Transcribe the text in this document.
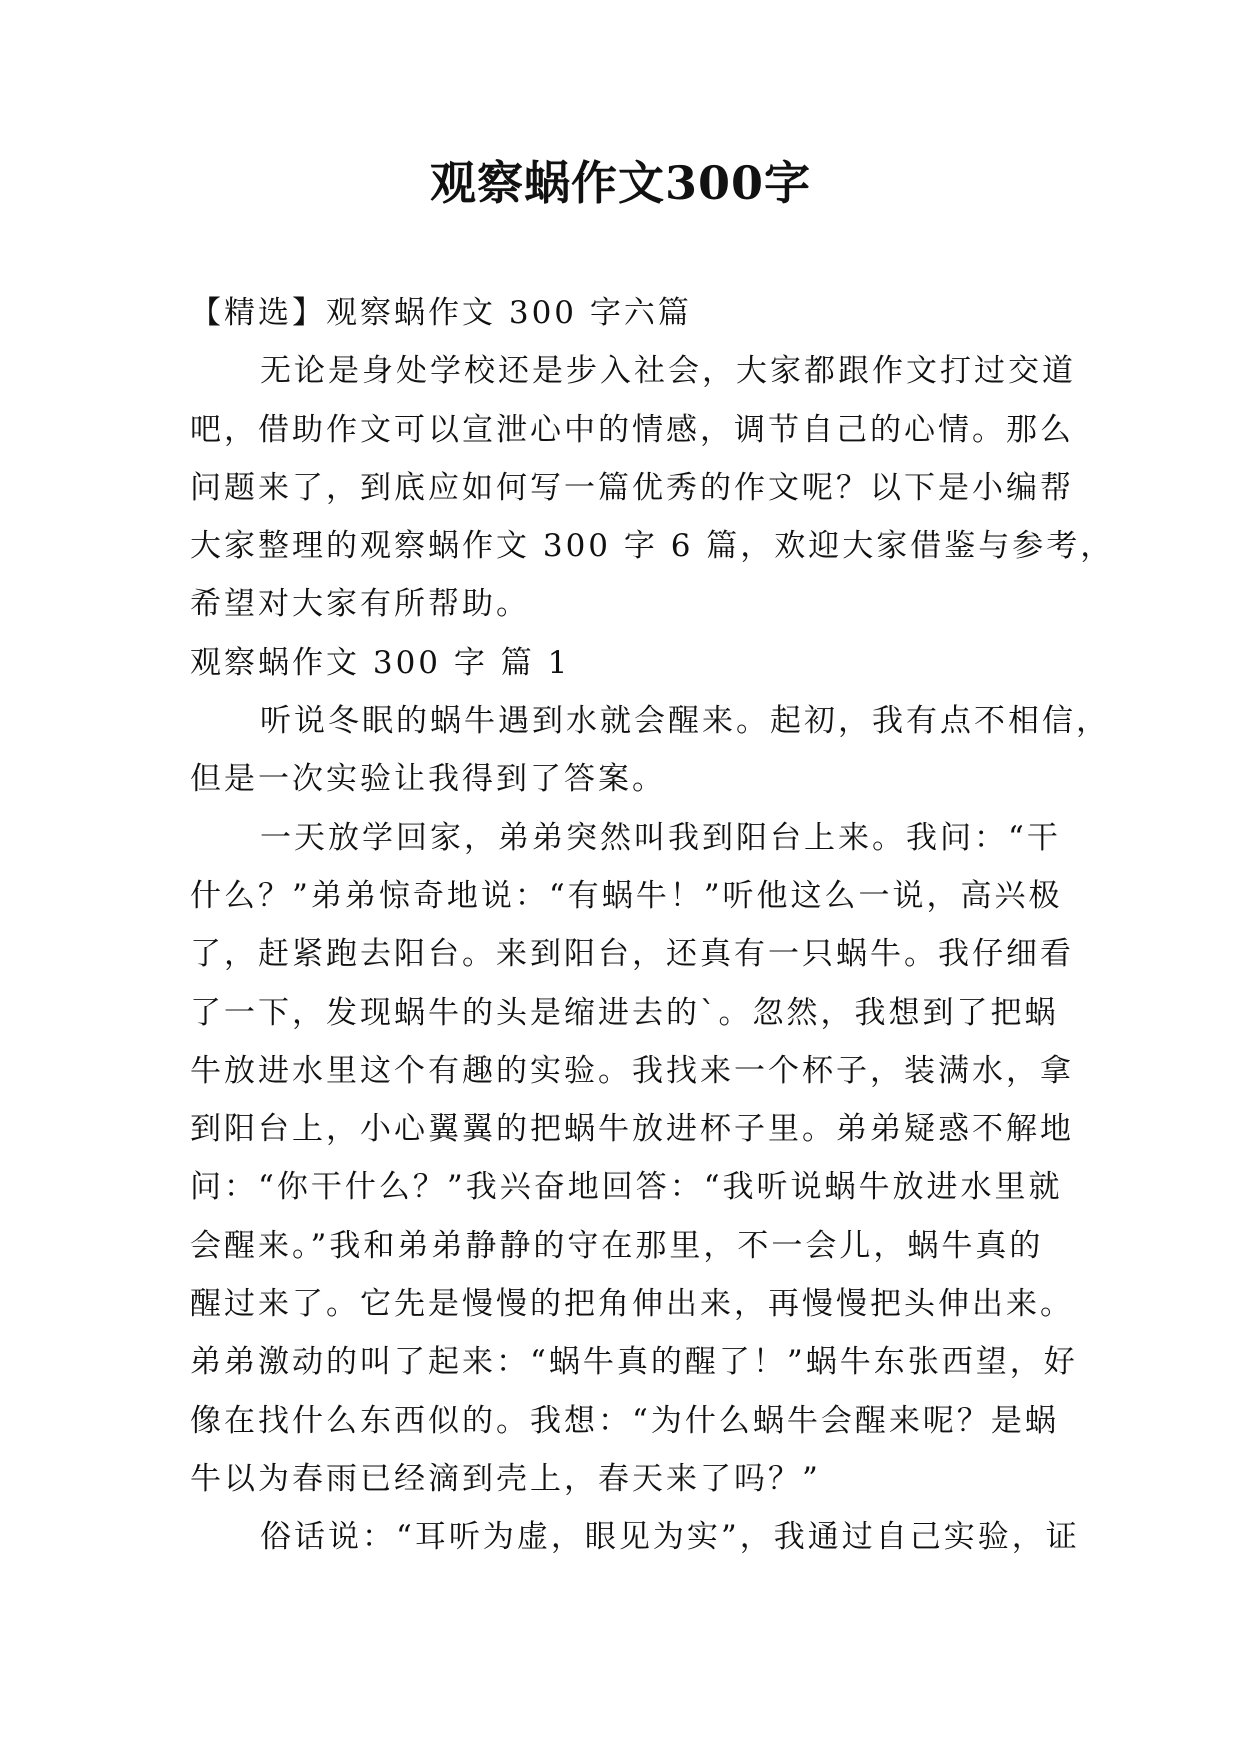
观察蜗作文300字
【精选】观察蜗作文 300 字六篇
无论是身处学校还是步入社会，大家都跟作文打过交道
吧，借助作文可以宣泄心中的情感，调节自己的心情。那么
问题来了，到底应如何写一篇优秀的作文呢？以下是小编帮
大家整理的观察蜗作文 300 字 6 篇，欢迎大家借鉴与参考，
希望对大家有所帮助。
观察蜗作文 300 字 篇 1
听说冬眠的蜗牛遇到水就会醒来。起初，我有点不相信，
但是一次实验让我得到了答案。
一天放学回家，弟弟突然叫我到阳台上来。我问：“干
什么？”弟弟惊奇地说：“有蜗牛！”听他这么一说，高兴极
了，赶紧跑去阳台。来到阳台，还真有一只蜗牛。我仔细看
了一下，发现蜗牛的头是缩进去的`。忽然，我想到了把蜗
牛放进水里这个有趣的实验。我找来一个杯子，装满水，拿
到阳台上，小心翼翼的把蜗牛放进杯子里。弟弟疑惑不解地
问：“你干什么？”我兴奋地回答：“我听说蜗牛放进水里就
会醒来。”我和弟弟静静的守在那里，不一会儿，蜗牛真的
醒过来了。它先是慢慢的把角伸出来，再慢慢把头伸出来。
弟弟激动的叫了起来：“蜗牛真的醒了！”蜗牛东张西望，好
像在找什么东西似的。我想：“为什么蜗牛会醒来呢？是蜗
牛以为春雨已经滴到壳上，春天来了吗？”
俗话说：“耳听为虚，眼见为实”，我通过自己实验，证
